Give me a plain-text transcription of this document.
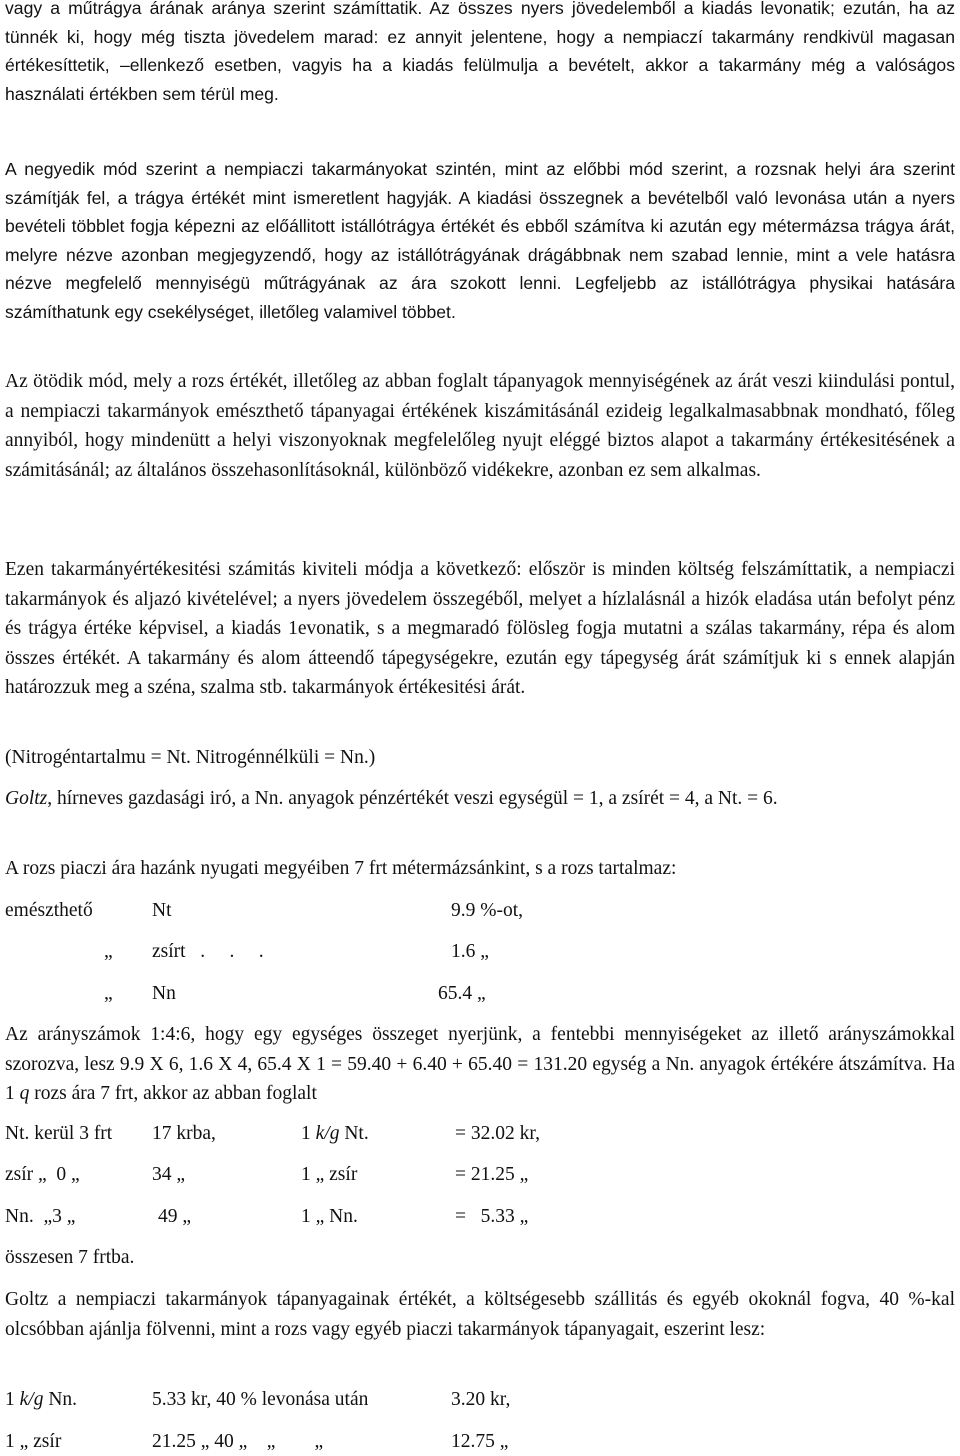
vagy a műtrágya árának aránya szerint számíttatik. Az összes nyers jövedelemből a kiadás levonatik; ezután, ha az tünnék ki, hogy még tiszta jövedelem marad: ez annyit jelentene, hogy a nempiaczí takarmány rendkivül magasan értékesíttetik, –ellenkező esetben, vagyis ha a kiadás felülmulja a bevételt, akkor a takarmány még a valóságos használati értékben sem térül meg.

A negyedik mód szerint a nempiaczi takarmányokat szintén, mint az előbbi mód szerint, a rozsnak helyi ára szerint számítják fel, a trágya értékét mint ismeretlent hagyják. A kiadási összegnek a bevételből való levonása után a nyers bevételi többlet fogja képezni az előállitott istállótrágya értékét és ebből számítva ki azután egy métermázsa trágya árát, melyre nézve azonban megjegyzendő, hogy az istállótrágyának drágábbnak nem szabad lennie, mint a vele hatásra nézve megfelelő mennyiségü műtrágyának az ára szokott lenni. Legfeljebb az istállótrágya physikai hatására számíthatunk egy csekélységet, illetőleg valamivel többet.

Az ötödik mód, mely a rozs értékét, illetőleg az abban foglalt tápanyagok mennyiségének az árát veszi kiindulási pontul, a nempiaczi takarmányok emészthető tápanyagai értékének kiszámitásánál ezideig legalkalmasabbnak mondható, főleg annyiból, hogy mindenütt a helyi viszonyoknak megfelelőleg nyujt eléggé biztos alapot a takarmány értékesitésének a számitásánál; az általános összehasonlításoknál, különböző vidékekre, azonban ez sem alkalmas.

Ezen takarmányértékesitési számitás kiviteli módja a következő: először is minden költség felszámíttatik, a nempiaczi takarmányok és aljazó kivételével; a nyers jövedelem összegéből, melyet a hízlalásnál a hizók eladása után befolyt pénz és trágya értéke képvisel, a kiadás 1evonatik, s a megmaradó fölösleg fogja mutatni a szálas takarmány, répa és alom összes értékét. A takarmány és alom átteendő tápegységekre, ezután egy tápegység árát számítjuk ki s ennek alapján határozzuk meg a széna, szalma stb. takarmányok értékesitési árát.

(Nitrogéntartalmu = Nt. Nitrogénnélküli = Nn.)

Goltz, hírneves gazdasági iró, a Nn. anyagok pénzértékét veszi egységül = 1, a zsírét = 4, a Nt. = 6.

A rozs piaczi ára hazánk nyugati megyéiben 7 frt métermázsánkint, s a rozs tartalmaz:

emészthető	Nt	9.9 %-ot,
„ zsírt   .     .     .	1.6 „
„ Nn	65.4 „

Az arányszámok 1:4:6, hogy egy egységes összeget nyerjünk, a fentebbi mennyiségeket az illető arányszámokkal szorozva, lesz 9.9 X 6, 1.6 X 4, 65.4 X 1 = 59.40 + 6.40 + 65.40 = 131.20 egység a Nn. anyagok értékére átszámítva. Ha 1 q rozs ára 7 frt, akkor az abban foglalt

Nt. kerül 3 frt 17 krba,	1 k/g Nt.	= 32.02 kr,
zsír „  0 „	34 „	1 „ zsír	= 21.25 „
Nn.  „3 „	49 „	1 „ Nn.	=   5.33 „

összesen 7 frtba.

Goltz a nempiaczi takarmányok tápanyagainak értékét, a költségesebb szállitás és egyéb okoknál fogva, 40 %-kal olcsóbban ajánlja fölvenni, mint a rozs vagy egyéb piaczi takarmányok tápanyagait, eszerint lesz:

1 k/g Nn.	5.33 kr, 40 % levonása után	3.20 kr,
1 „ zsír	21.25 „ 40 „    „        „	12.75 „
